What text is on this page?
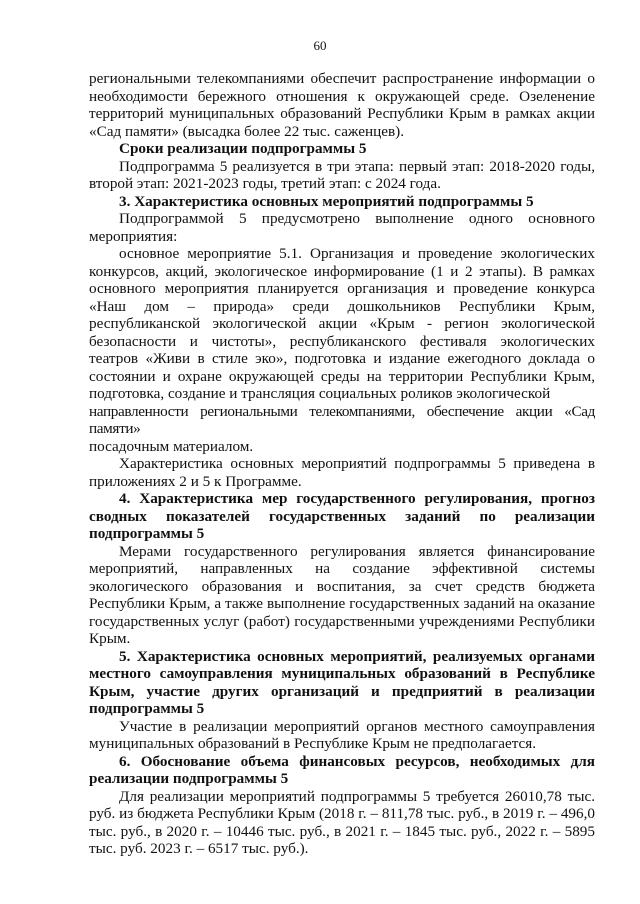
60

региональными телекомпаниями обеспечит распространение информации о необходимости бережного отношения к окружающей среде. Озеленение территорий муниципальных образований Республики Крым в рамках акции «Сад памяти» (высадка более 22 тыс. саженцев).

Сроки реализации подпрограммы 5

Подпрограмма 5 реализуется в три этапа: первый этап: 2018-2020 годы, второй этап: 2021-2023 годы, третий этап: с 2024 года.

3. Характеристика основных мероприятий подпрограммы 5

Подпрограммой 5 предусмотрено выполнение одного основного мероприятия:

основное мероприятие 5.1. Организация и проведение экологических конкурсов, акций, экологическое информирование (1 и 2 этапы). В рамках основного мероприятия планируется организация и проведение конкурса «Наш дом – природа» среди дошкольников Республики Крым, республиканской экологической акции «Крым - регион экологической безопасности и чистоты», республиканского фестиваля экологических театров «Живи в стиле эко», подготовка и издание ежегодного доклада о состоянии и охране окружающей среды на территории Республики Крым, подготовка, создание и трансляция социальных роликов экологической

направленности региональными телекомпаниями, обеспечение акции «Сад памяти»

посадочным материалом.

Характеристика основных мероприятий подпрограммы 5 приведена в приложениях 2 и 5 к Программе.

4. Характеристика мер государственного регулирования, прогноз сводных показателей государственных заданий по реализации подпрограммы 5

Мерами государственного регулирования является финансирование мероприятий, направленных на создание эффективной системы экологического образования и воспитания, за счет средств бюджета Республики Крым, а также выполнение государственных заданий на оказание государственных услуг (работ) государственными учреждениями Республики Крым.

5. Характеристика основных мероприятий, реализуемых органами местного самоуправления муниципальных образований в Республике Крым, участие других организаций и предприятий в реализации подпрограммы 5

Участие в реализации мероприятий органов местного самоуправления муниципальных образований в Республике Крым не предполагается.

6. Обоснование объема финансовых ресурсов, необходимых для реализации подпрограммы 5

Для реализации мероприятий подпрограммы 5 требуется 26010,78 тыс. руб. из бюджета Республики Крым (2018 г. – 811,78 тыс. руб., в 2019 г. – 496,0 тыс. руб., в 2020 г. – 10446 тыс. руб., в 2021 г. – 1845 тыс. руб., 2022 г. – 5895 тыс. руб. 2023 г. – 6517 тыс. руб.).
